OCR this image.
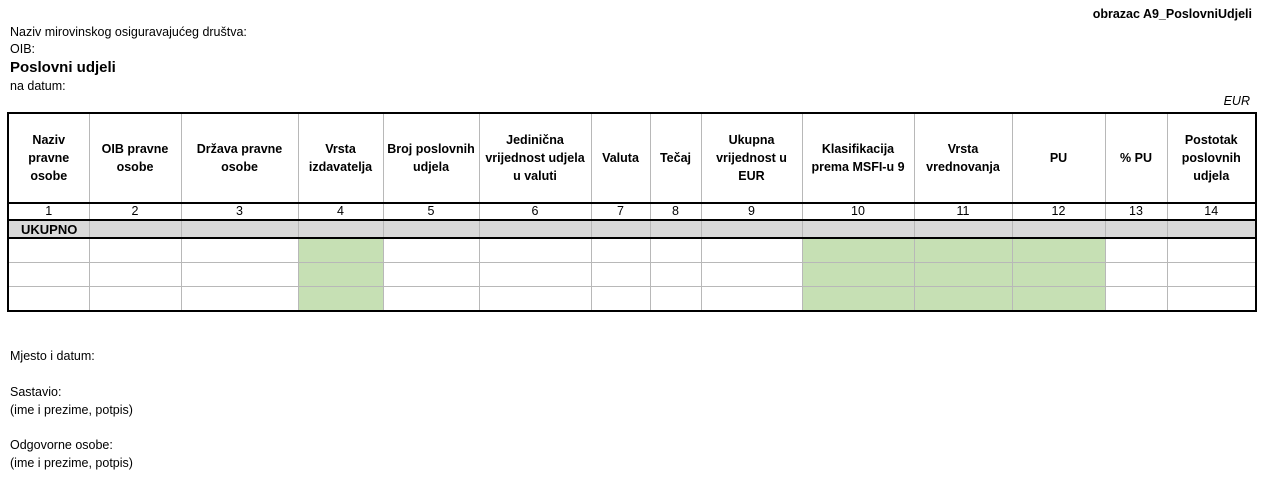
obrazac A9_PoslovniUdjeli
Naziv mirovinskog osiguravajućeg društva:
OIB:
Poslovni udjeli
na datum:
EUR
Naziv pravne osobe	OIB pravne osobe	Država pravne osobe	Vrsta izdavatelja	Broj poslovnih udjela	Jedinična vrijednost udjela u valuti	Valuta	Tečaj	Ukupna vrijednost u EUR	Klasifikacija prema MSFI-u 9	Vrsta vrednovanja	PU	% PU	Postotak poslovnih udjela
1	2	3	4	5	6	7	8	9	10	11	12	13	14
UKUPNO													

Mjesto i datum:
Sastavio:
(ime i prezime, potpis)
Odgovorne osobe:
(ime i prezime, potpis)
